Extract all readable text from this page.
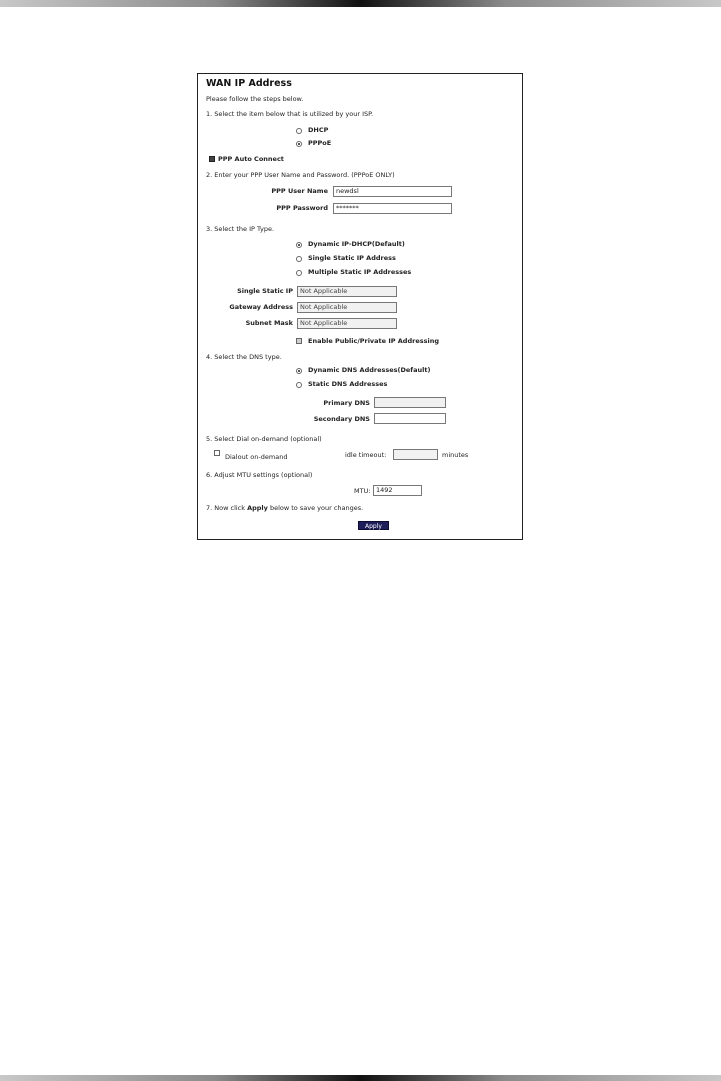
WAN IP Address
Please follow the steps below.
1. Select the item below that is utilized by your ISP.
DHCP
PPPoE
PPP Auto Connect
2. Enter your PPP User Name and Password. (PPPoE ONLY)
PPP User Name	newdsl
PPP Password	*******
3. Select the IP Type.
Dynamic IP-DHCP(Default)
Single Static IP Address
Multiple Static IP Addresses
Single Static IP	Not Applicable
Gateway Address	Not Applicable
Subnet Mask	Not Applicable
Enable Public/Private IP Addressing
4. Select the DNS type.
Dynamic DNS Addresses(Default)
Static DNS Addresses
Primary DNS
Secondary DNS
5. Select Dial on-demand (optional)
Dialout on-demand	idle timeout:	minutes
6. Adjust MTU settings (optional)
MTU: 1492
7. Now click Apply below to save your changes.
Apply
